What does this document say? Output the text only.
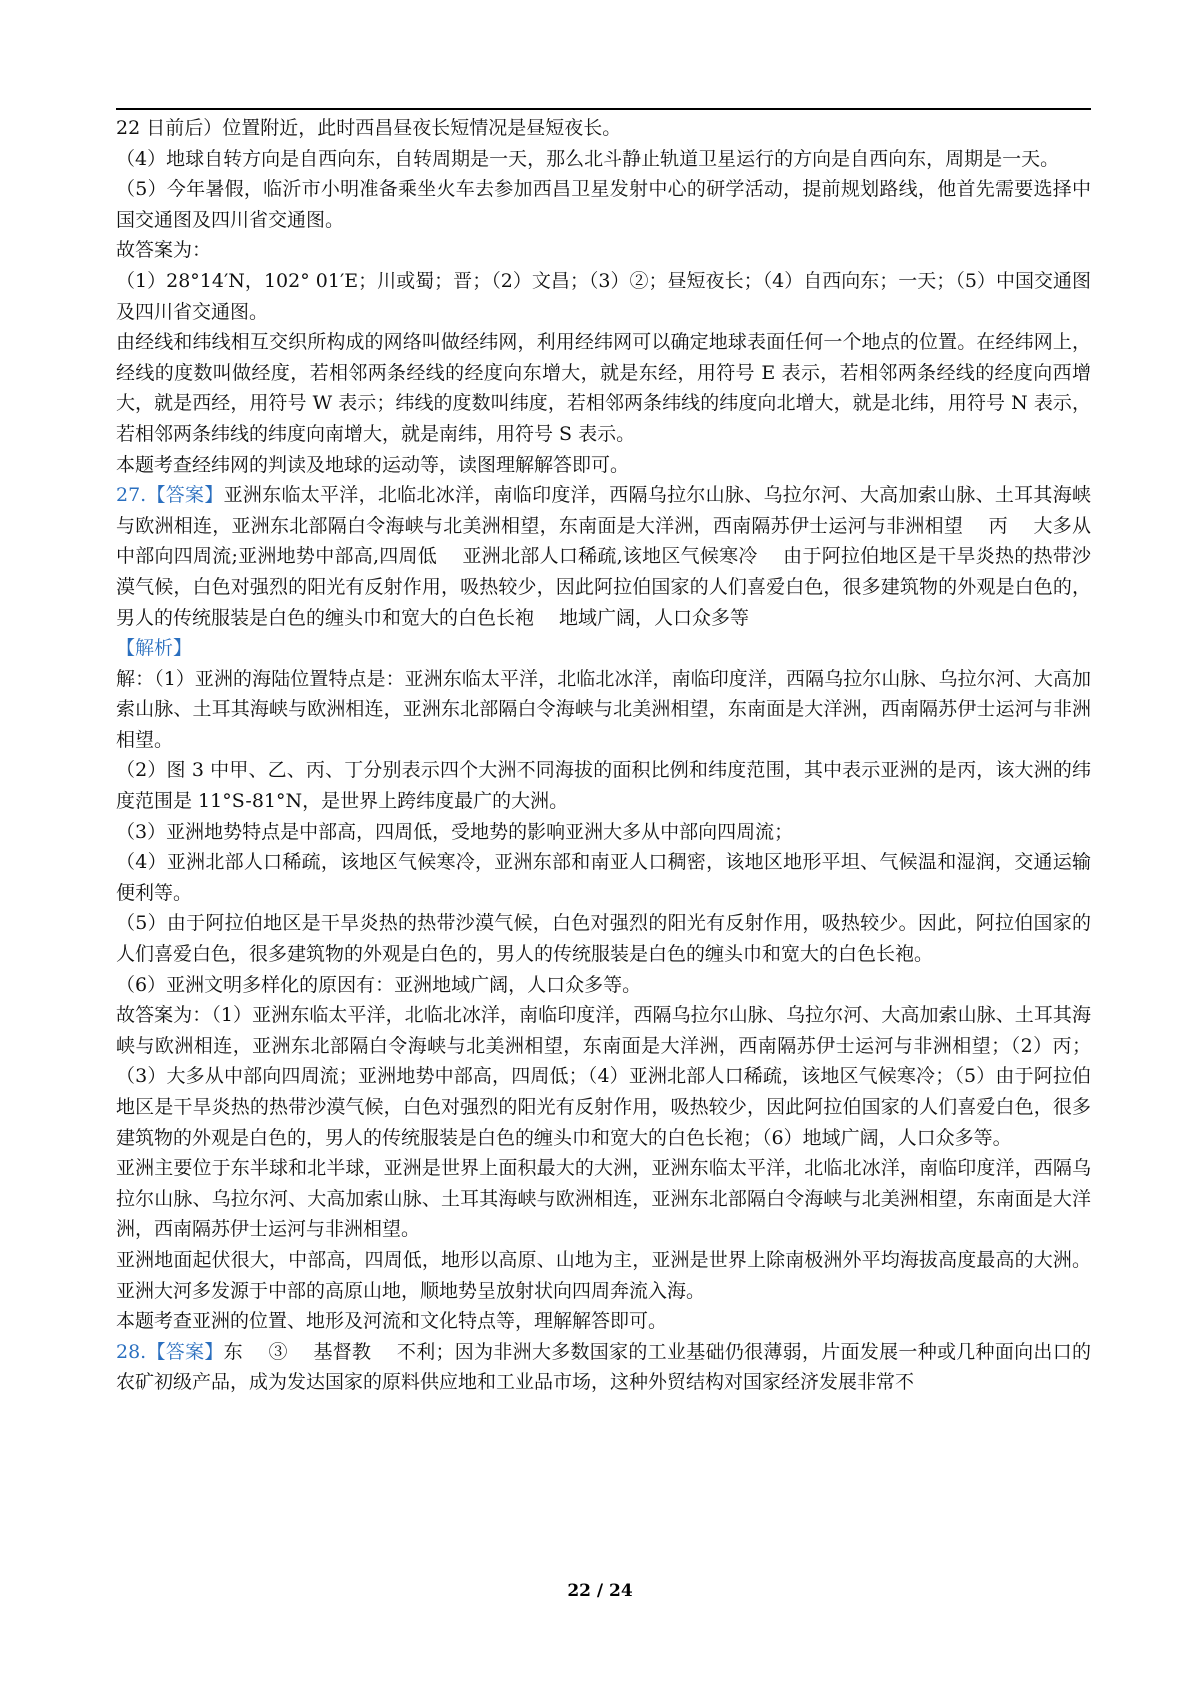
22 日前后）位置附近，此时西昌昼夜长短情况是昼短夜长。

（4）地球自转方向是自西向东，自转周期是一天，那么北斗静止轨道卫星运行的方向是自西向东，周期是一天。

（5）今年暑假，临沂市小明准备乘坐火车去参加西昌卫星发射中心的研学活动，提前规划路线，他首先需要选择中国交通图及四川省交通图。

故答案为：

（1）28°14′N，102° 01′E；川或蜀；晋；（2）文昌；（3）②；昼短夜长；（4）自西向东；一天；（5）中国交通图及四川省交通图。

由经线和纬线相互交织所构成的网络叫做经纬网，利用经纬网可以确定地球表面任何一个地点的位置。在经纬网上，经线的度数叫做经度，若相邻两条经线的经度向东增大，就是东经，用符号 E 表示，若相邻两条经线的经度向西增大，就是西经，用符号 W 表示；纬线的度数叫纬度，若相邻两条纬线的纬度向北增大，就是北纬，用符号 N 表示，若相邻两条纬线的纬度向南增大，就是南纬，用符号 S 表示。

本题考查经纬网的判读及地球的运动等，读图理解解答即可。

27.【答案】亚洲东临太平洋，北临北冰洋，南临印度洋，西隔乌拉尔山脉、乌拉尔河、大高加索山脉、土耳其海峡与欧洲相连，亚洲东北部隔白令海峡与北美洲相望，东南面是大洋洲，西南隔苏伊士运河与非洲相望　 丙　 大多从中部向四周流;亚洲地势中部高,四周低　 亚洲北部人口稀疏,该地区气候寒冷　 由于阿拉伯地区是干旱炎热的热带沙漠气候，白色对强烈的阳光有反射作用，吸热较少，因此阿拉伯国家的人们喜爱白色，很多建筑物的外观是白色的，男人的传统服装是白色的缠头巾和宽大的白色长袍　 地域广阔，人口众多等

【解析】

解：（1）亚洲的海陆位置特点是：亚洲东临太平洋，北临北冰洋，南临印度洋，西隔乌拉尔山脉、乌拉尔河、大高加索山脉、土耳其海峡与欧洲相连，亚洲东北部隔白令海峡与北美洲相望，东南面是大洋洲，西南隔苏伊士运河与非洲相望。

（2）图 3 中甲、乙、丙、丁分别表示四个大洲不同海拔的面积比例和纬度范围，其中表示亚洲的是丙，该大洲的纬度范围是 11°S-81°N，是世界上跨纬度最广的大洲。

（3）亚洲地势特点是中部高，四周低，受地势的影响亚洲大多从中部向四周流；

（4）亚洲北部人口稀疏，该地区气候寒冷，亚洲东部和南亚人口稠密，该地区地形平坦、气候温和湿润，交通运输便利等。

（5）由于阿拉伯地区是干旱炎热的热带沙漠气候，白色对强烈的阳光有反射作用，吸热较少。因此，阿拉伯国家的人们喜爱白色，很多建筑物的外观是白色的，男人的传统服装是白色的缠头巾和宽大的白色长袍。

（6）亚洲文明多样化的原因有：亚洲地域广阔，人口众多等。

故答案为：（1）亚洲东临太平洋，北临北冰洋，南临印度洋，西隔乌拉尔山脉、乌拉尔河、大高加索山脉、土耳其海峡与欧洲相连，亚洲东北部隔白令海峡与北美洲相望，东南面是大洋洲，西南隔苏伊士运河与非洲相望；（2）丙；（3）大多从中部向四周流；亚洲地势中部高，四周低；（4）亚洲北部人口稀疏，该地区气候寒冷；（5）由于阿拉伯地区是干旱炎热的热带沙漠气候，白色对强烈的阳光有反射作用，吸热较少，因此阿拉伯国家的人们喜爱白色，很多建筑物的外观是白色的，男人的传统服装是白色的缠头巾和宽大的白色长袍；（6）地域广阔，人口众多等。

亚洲主要位于东半球和北半球，亚洲是世界上面积最大的大洲，亚洲东临太平洋，北临北冰洋，南临印度洋，西隔乌拉尔山脉、乌拉尔河、大高加索山脉、土耳其海峡与欧洲相连，亚洲东北部隔白令海峡与北美洲相望，东南面是大洋洲，西南隔苏伊士运河与非洲相望。

亚洲地面起伏很大，中部高，四周低，地形以高原、山地为主，亚洲是世界上除南极洲外平均海拔高度最高的大洲。亚洲大河多发源于中部的高原山地，顺地势呈放射状向四周奔流入海。

本题考查亚洲的位置、地形及河流和文化特点等，理解解答即可。

28.【答案】东　 ③　 基督教　 不利；因为非洲大多数国家的工业基础仍很薄弱，片面发展一种或几种面向出口的农矿初级产品，成为发达国家的原料供应地和工业品市场，这种外贸结构对国家经济发展非常不

22 / 24
